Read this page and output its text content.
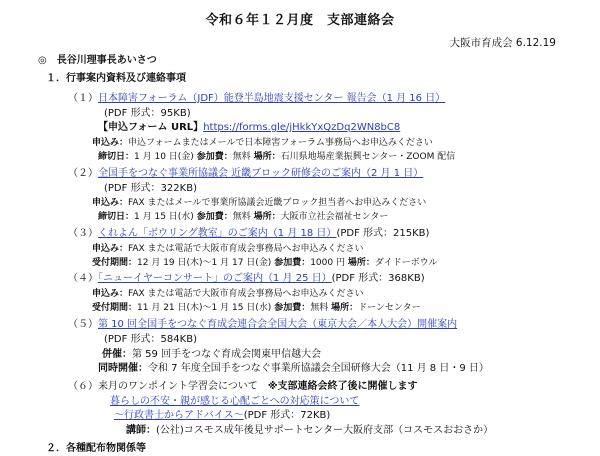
令和６年１２月度　支部連絡会
大阪市育成会 6.12.19
◎　 長谷川理事長あいさつ
１．行事案内資料及び連絡事項
（１）日本障害フォーラム（JDF）能登半島地震支援センター 報告会（1 月 16 日）
(PDF 形式：95KB)
【申込フォーム URL】https://forms.gle/jHkkYxQzDq2WN8bC8
申込み：申込フォームまたはメールで日本障害フォーラム事務局へお申込みください
締切日：1 月 10 日(金) 参加費：無料 場所：石川県地場産業振興センター・ZOOM 配信
（２）全国手をつなぐ事業所協議会 近畿ブロック研修会のご案内（2 月 1 日）
(PDF 形式：322KB)
申込み：FAX またはメールで事業所協議会近畿ブロック担当者へお申込みください
締切日：1 月 15 日(水) 参加費：無料 場所：大阪市立社会福祉センター
（３）くれよん「ボウリング教室」のご案内（1 月 18 日）(PDF 形式：215KB)
申込み：FAX または電話で大阪市育成会事務局へお申込みください
受付期間：12 月 19 日(木)〜1 月 17 日(金) 参加費：1000 円 場所：ダイドーボウル
（４）「ニューイヤーコンサート」のご案内（1 月 25 日）(PDF 形式：368KB)
申込み：FAX または電話で大阪市育成会事務局へお申込みください
受付期間：11 月 21 日(木)〜1 月 15 日(水) 参加費：無料 場所：ドーンセンター
（５）第 10 回全国手をつなぐ育成会連合会全国大会（東京大会／本人大会）開催案内
(PDF 形式：584KB)
併催：第 59 回手をつなぐ育成会関東甲信越大会
同時開催：令和 7 年度全国手をつなぐ事業所協議会全国研修大会（11 月 8 日・9 日）
（６）来月のワンポイント学習会について　 ※支部連絡会終了後に開催します
暮らしの不安・親が感じる心配ごとへの対応策について
〜行政書士からアドバイス〜(PDF 形式：72KB)
講師：(公社)コスモス成年後見サポートセンター大阪府支部（コスモスおおさか）
２．各種配布物関係等
